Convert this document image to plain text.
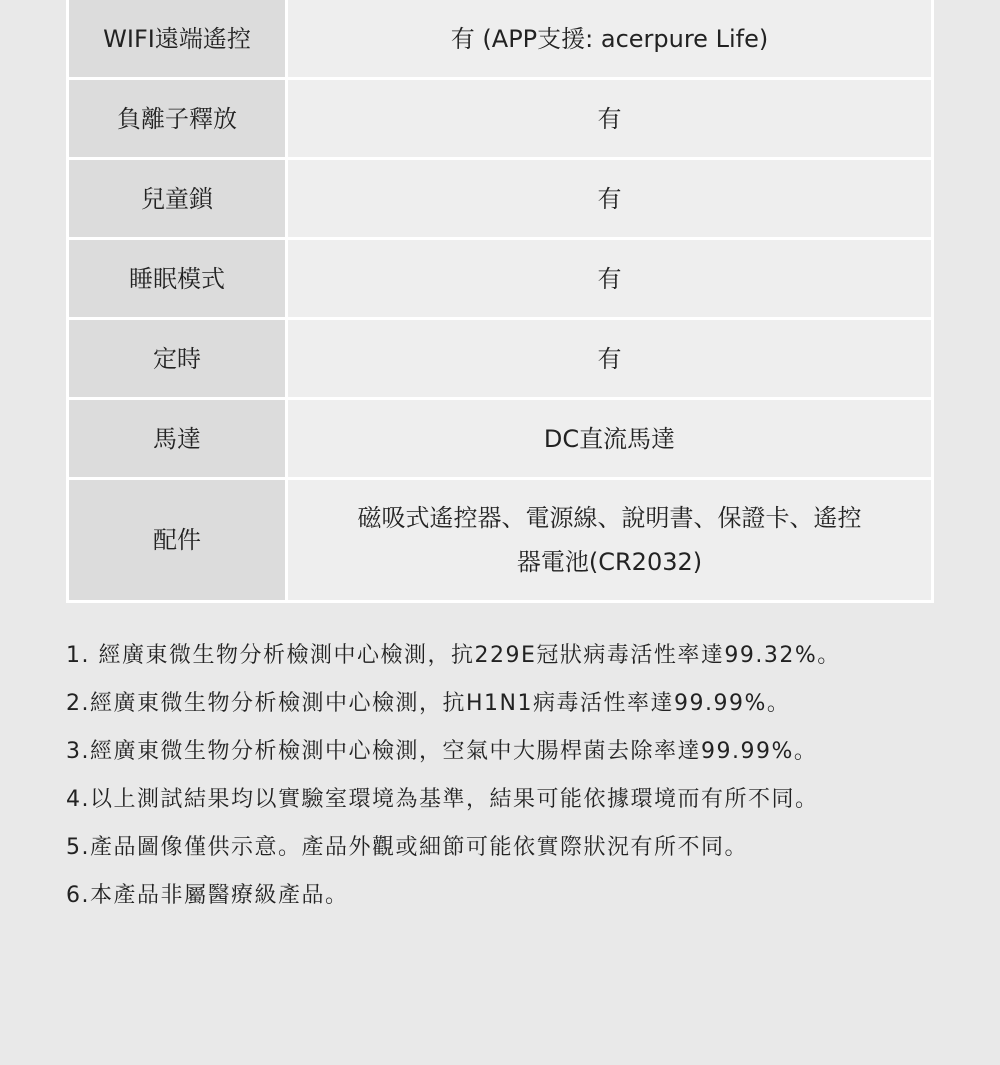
WIFI遠端遙控	有 (APP支援: acerpure Life)
負離子釋放	有
兒童鎖	有
睡眠模式	有
定時	有
馬達	DC直流馬達
配件	磁吸式遙控器、電源線、說明書、保證卡、遙控
器電池(CR2032)
1. 經廣東微生物分析檢測中心檢測，抗229E冠狀病毒活性率達99.32%。
2.經廣東微生物分析檢測中心檢測，抗H1N1病毒活性率達99.99%。
3.經廣東微生物分析檢測中心檢測，空氣中大腸桿菌去除率達99.99%。
4.以上測試結果均以實驗室環境為基準，結果可能依據環境而有所不同。
5.產品圖像僅供示意。產品外觀或細節可能依實際狀況有所不同。
6.本產品非屬醫療級產品。
